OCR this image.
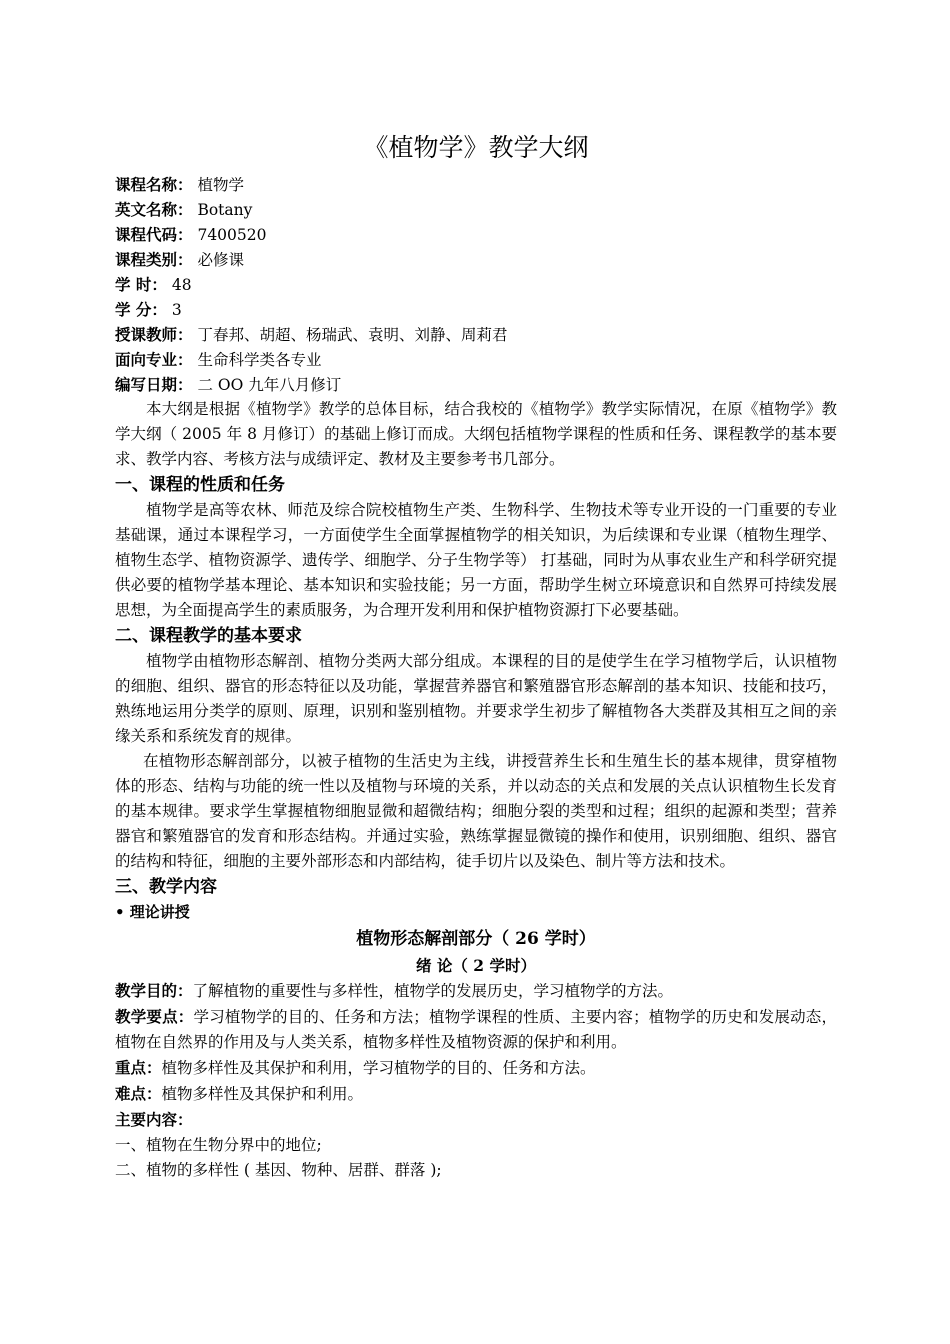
《植物学》教学大纲
课程名称： 植物学
英文名称： Botany
课程代码： 7400520
课程类别： 必修课
学 时： 48
学 分： 3
授课教师： 丁春邦、胡超、杨瑞武、袁明、刘静、周莉君
面向专业： 生命科学类各专业
编写日期： 二 OO 九年八月修订

本大纲是根据《植物学》教学的总体目标，结合我校的《植物学》教学实际情况，在原《植物学》教学大纲（ 2005 年 8 月修订）的基础上修订而成。大纲包括植物学课程的性质和任务、课程教学的基本要求、教学内容、考核方法与成绩评定、教材及主要参考书几部分。

一、课程的性质和任务

植物学是高等农林、师范及综合院校植物生产类、生物科学、生物技术等专业开设的一门重要的专业基础课，通过本课程学习，一方面使学生全面掌握植物学的相关知识，为后续课和专业课（植物生理学、植物生态学、植物资源学、遗传学、细胞学、分子生物学等） 打基础，同时为从事农业生产和科学研究提供必要的植物学基本理论、基本知识和实验技能；另一方面，帮助学生树立环境意识和自然界可持续发展思想，为全面提高学生的素质服务，为合理开发利用和保护植物资源打下必要基础。

二、课程教学的基本要求

植物学由植物形态解剖、植物分类两大部分组成。本课程的目的是使学生在学习植物学后，认识植物的细胞、组织、器官的形态特征以及功能，掌握营养器官和繁殖器官形态解剖的基本知识、技能和技巧，熟练地运用分类学的原则、原理，识别和鉴别植物。并要求学生初步了解植物各大类群及其相互之间的亲缘关系和系统发育的规律。

在植物形态解剖部分，以被子植物的生活史为主线，讲授营养生长和生殖生长的基本规律，贯穿植物体的形态、结构与功能的统一性以及植物与环境的关系，并以动态的关点和发展的关点认识植物生长发育的基本规律。要求学生掌握植物细胞显微和超微结构；细胞分裂的类型和过程；组织的起源和类型；营养器官和繁殖器官的发育和形态结构。并通过实验，熟练掌握显微镜的操作和使用，识别细胞、组织、器官的结构和特征，细胞的主要外部形态和内部结构，徒手切片以及染色、制片等方法和技术。

三、教学内容

• 理论讲授

植物形态解剖部分（ 26 学时）

绪 论（ 2 学时）

教学目的：了解植物的重要性与多样性，植物学的发展历史，学习植物学的方法。

教学要点：学习植物学的目的、任务和方法；植物学课程的性质、主要内容；植物学的历史和发展动态，植物在自然界的作用及与人类关系，植物多样性及植物资源的保护和利用。

重点：植物多样性及其保护和利用，学习植物学的目的、任务和方法。

难点：植物多样性及其保护和利用。

主要内容：

一、植物在生物分界中的地位;

二、植物的多样性 ( 基因、物种、居群、群落 );
